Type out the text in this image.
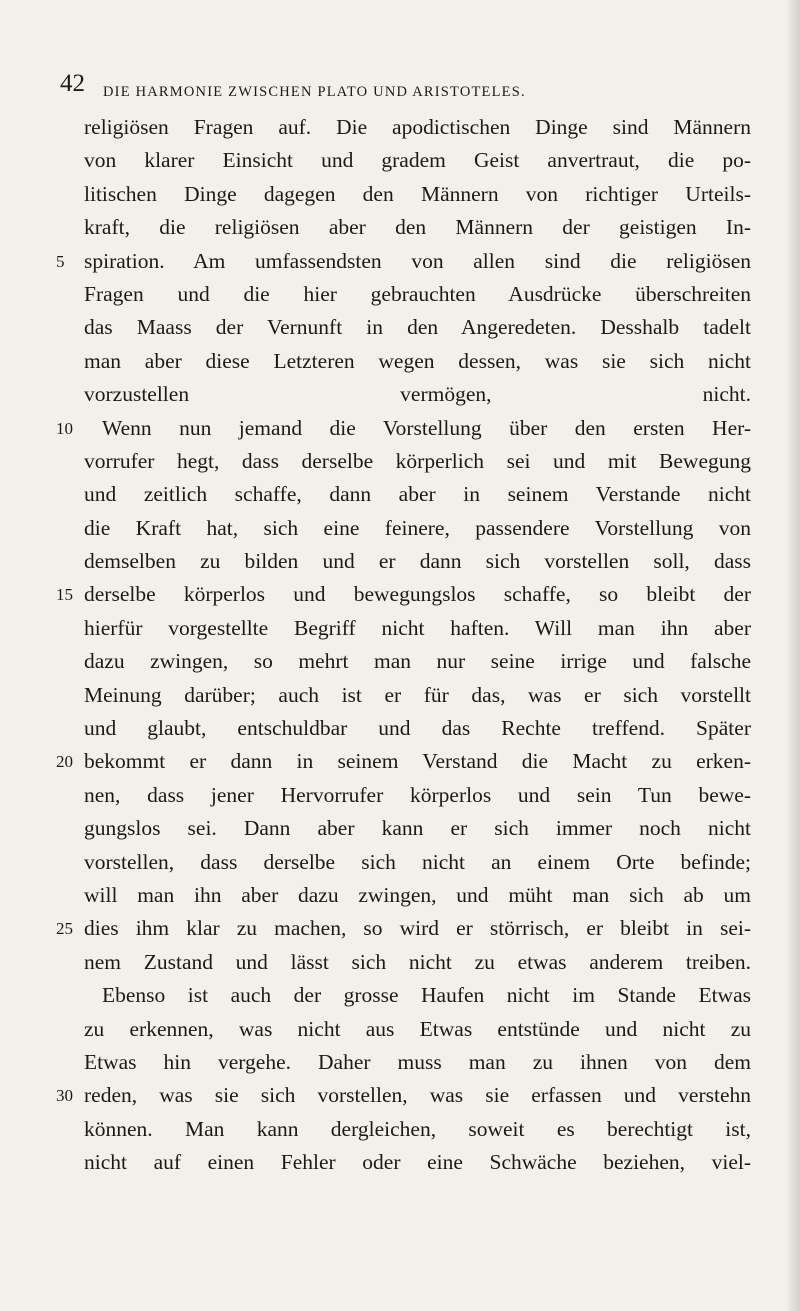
42 DIE HARMONIE ZWISCHEN PLATO UND ARISTOTELES.
religiösen Fragen auf. Die apodictischen Dinge sind Männern
von klarer Einsicht und gradem Geist anvertraut, die po-
litischen Dinge dagegen den Männern von richtiger Urteils-
kraft, die religiösen aber den Männern der geistigen In-
5 spiration. Am umfassendsten von allen sind die religiösen
Fragen und die hier gebrauchten Ausdrücke überschreiten
das Maass der Vernunft in den Angeredeten. Desshalb tadelt
man aber diese Letzteren wegen dessen, was sie sich nicht
vorzustellen vermögen, nicht.
10	Wenn nun jemand die Vorstellung über den ersten Her-
vorrufer hegt, dass derselbe körperlich sei und mit Bewegung
und zeitlich schaffe, dann aber in seinem Verstande nicht
die Kraft hat, sich eine feinere, passendere Vorstellung von
demselben zu bilden und er dann sich vorstellen soll, dass
15 derselbe körperlos und bewegungslos schaffe, so bleibt der
hierfür vorgestellte Begriff nicht haften. Will man ihn aber
dazu zwingen, so mehrt man nur seine irrige und falsche
Meinung darüber; auch ist er für das, was er sich vorstellt
und glaubt, entschuldbar und das Rechte treffend. Später
20 bekommt er dann in seinem Verstand die Macht zu erken-
nen, dass jener Hervorrufer körperlos und sein Tun bewe-
gungslos sei. Dann aber kann er sich immer noch nicht
vorstellen, dass derselbe sich nicht an einem Orte befinde;
will man ihn aber dazu zwingen, und müht man sich ab um
25 dies ihm klar zu machen, so wird er störrisch, er bleibt in sei-
nem Zustand und lässt sich nicht zu etwas anderem treiben.
Ebenso ist auch der grosse Haufen nicht im Stande Etwas
zu erkennen, was nicht aus Etwas entstünde und nicht zu
Etwas hin vergehe. Daher muss man zu ihnen von dem
30 reden, was sie sich vorstellen, was sie erfassen und verstehn
können. Man kann dergleichen, soweit es berechtigt ist,
nicht auf einen Fehler oder eine Schwäche beziehen, viel-
